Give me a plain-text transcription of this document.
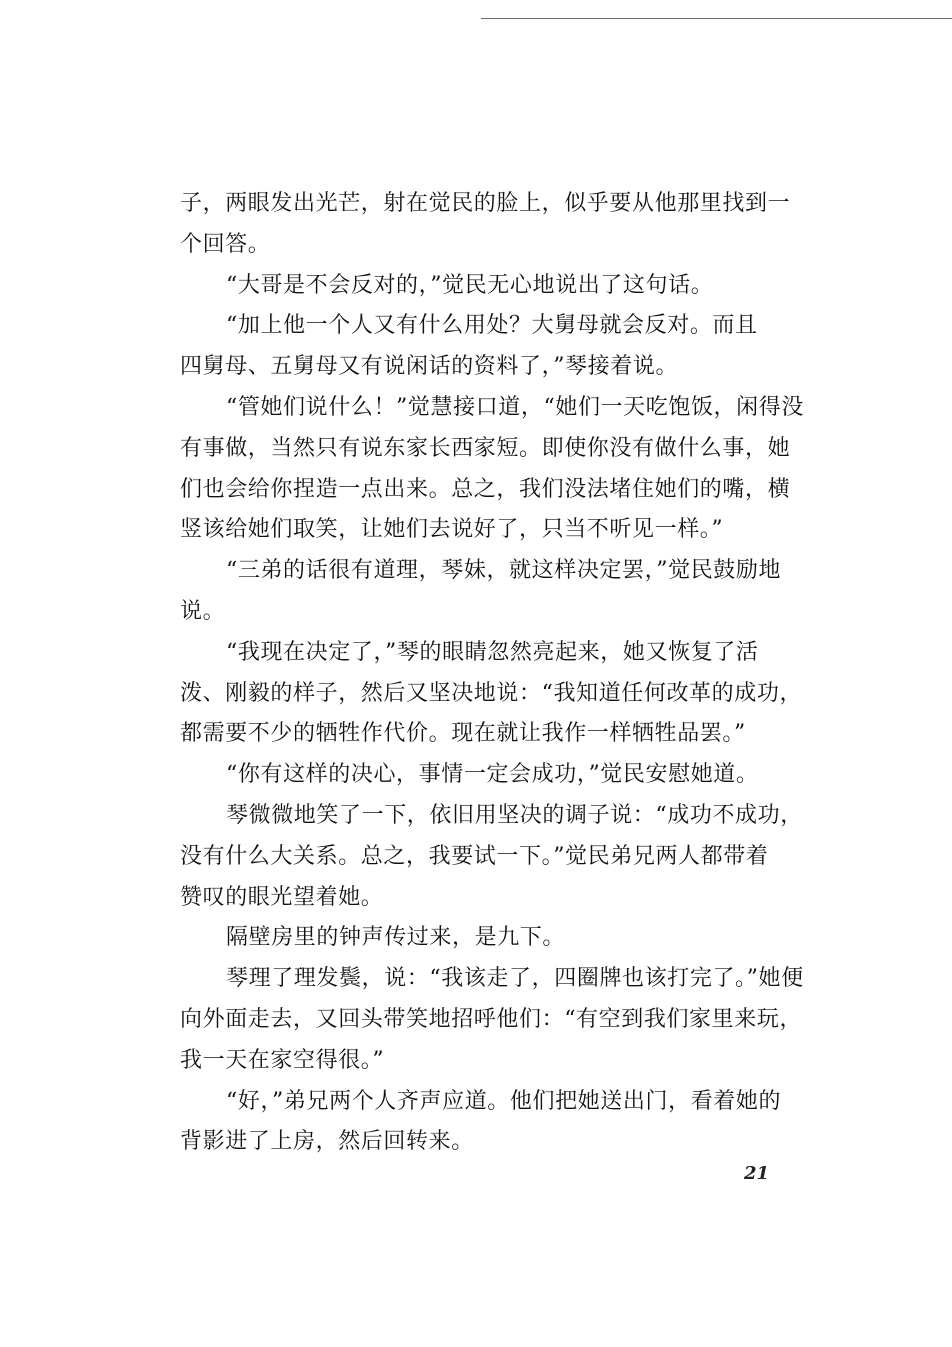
子，两眼发出光芒，射在觉民的脸上，似乎要从他那里找到一
个回答。
“大哥是不会反对的，”觉民无心地说出了这句话。
“加上他一个人又有什么用处？大舅母就会反对。而且
四舅母、五舅母又有说闲话的资料了，”琴接着说。
“管她们说什么！”觉慧接口道，“她们一天吃饱饭，闲得没
有事做，当然只有说东家长西家短。即使你没有做什么事，她
们也会给你捏造一点出来。总之，我们没法堵住她们的嘴，横
竖该给她们取笑，让她们去说好了，只当不听见一样。”
“三弟的话很有道理，琴妹，就这样决定罢，”觉民鼓励地
说。
“我现在决定了，”琴的眼睛忽然亮起来，她又恢复了活
泼、刚毅的样子，然后又坚决地说：“我知道任何改革的成功，
都需要不少的牺牲作代价。现在就让我作一样牺牲品罢。”
“你有这样的决心，事情一定会成功，”觉民安慰她道。
琴微微地笑了一下，依旧用坚决的调子说：“成功不成功，
没有什么大关系。总之，我要试一下。”觉民弟兄两人都带着
赞叹的眼光望着她。
隔壁房里的钟声传过来，是九下。
琴理了理发鬓，说：“我该走了，四圈牌也该打完了。”她便
向外面走去，又回头带笑地招呼他们：“有空到我们家里来玩，
我一天在家空得很。”
“好，”弟兄两个人齐声应道。他们把她送出门，看着她的
背影进了上房，然后回转来。
21
